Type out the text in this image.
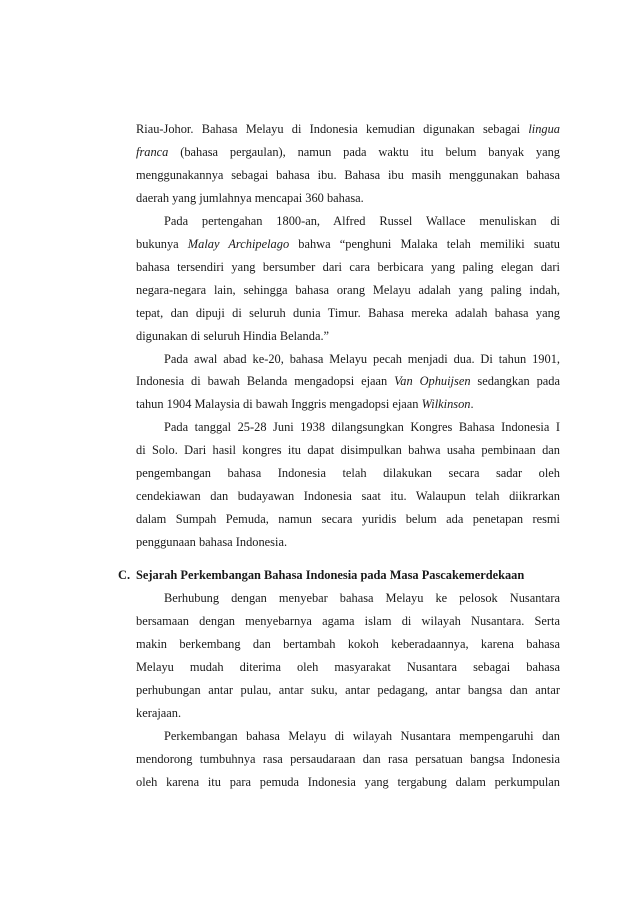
Riau-Johor. Bahasa Melayu di Indonesia kemudian digunakan sebagai lingua

franca (bahasa pergaulan), namun pada waktu itu belum banyak yang

menggunakannya sebagai bahasa ibu. Bahasa ibu masih menggunakan bahasa

daerah yang jumlahnya mencapai 360 bahasa.

Pada pertengahan 1800-an, Alfred Russel Wallace menuliskan di

bukunya Malay Archipelago bahwa “penghuni Malaka telah memiliki suatu

bahasa tersendiri yang bersumber dari cara berbicara yang paling elegan dari

negara-negara lain, sehingga bahasa orang Melayu adalah yang paling indah,

tepat, dan dipuji di seluruh dunia Timur. Bahasa mereka adalah bahasa yang

digunakan di seluruh Hindia Belanda.”

Pada awal abad ke-20, bahasa Melayu pecah menjadi dua. Di tahun 1901,

Indonesia di bawah Belanda mengadopsi ejaan Van Ophuijsen sedangkan pada

tahun 1904 Malaysia di bawah Inggris mengadopsi ejaan Wilkinson.

Pada tanggal 25-28 Juni 1938 dilangsungkan Kongres Bahasa Indonesia I

di Solo. Dari hasil kongres itu dapat disimpulkan bahwa usaha pembinaan dan

pengembangan bahasa Indonesia telah dilakukan secara sadar oleh

cendekiawan dan budayawan Indonesia saat itu. Walaupun telah diikrarkan

dalam Sumpah Pemuda, namun secara yuridis belum ada penetapan resmi

penggunaan bahasa Indonesia.

C. Sejarah Perkembangan Bahasa Indonesia pada Masa Pascakemerdekaan

Berhubung dengan menyebar bahasa Melayu ke pelosok Nusantara

bersamaan dengan menyebarnya agama islam di wilayah Nusantara. Serta

makin berkembang dan bertambah kokoh keberadaannya, karena bahasa

Melayu mudah diterima oleh masyarakat Nusantara sebagai bahasa

perhubungan antar pulau, antar suku, antar pedagang, antar bangsa dan antar

kerajaan.

Perkembangan bahasa Melayu di wilayah Nusantara mempengaruhi dan

mendorong tumbuhnya rasa persaudaraan dan rasa persatuan bangsa Indonesia

oleh karena itu para pemuda Indonesia yang tergabung dalam perkumpulan
